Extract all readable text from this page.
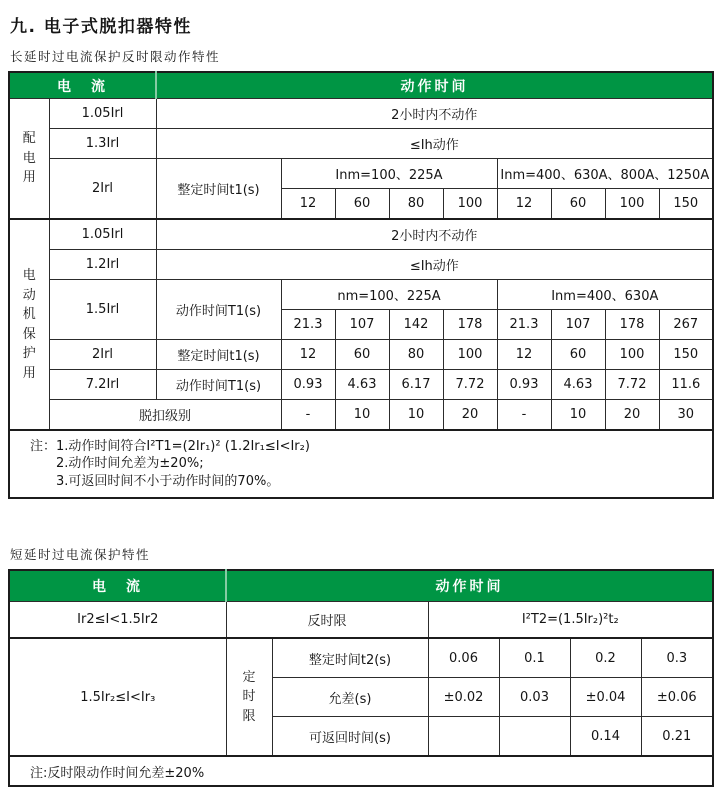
九. 电子式脱扣器特性
长延时过电流保护反时限动作特性
电　流		动作时间								
配电用	1.05Irl	2小时内不动作								
	1.3Irl	≤Ih动作								
	2Irl	整定时间t1(s)	Inm=100、225A				Inm=400、630A、800A、1250A			
			12	60	80	100	12	60	100	150
电动机保护用	1.05Irl	2小时内不动作								
	1.2Irl	≤Ih动作								
	1.5Irl	动作时间T1(s)	nm=100、225A				Inm=400、630A			
			21.3	107	142	178	21.3	107	178	267
	2Irl	整定时间t1(s)	12	60	80	100	12	60	100	150
	7.2Irl	动作时间T1(s)	0.93	4.63	6.17	7.72	0.93	4.63	7.72	11.6
	脱扣级别		-	10	10	20	-	10	20	30

注： 1.动作时间符合I²T1=(2Ir₁)² (1.2Ir₁≤I<Ir₂)
2.动作时间允差为±20%;
3.可返回时间不小于动作时间的70%。										
短延时过电流保护特性
电　流	动作时间					
Ir2≤I<1.5Ir2	反时限		I²T2=(1.5Ir₂)²t₂			
1.5Ir₂≤I<Ir₃	定时限	整定时间t2(s)	0.06	0.1	0.2	0.3
		允差(s)	±0.02	0.03	±0.04	±0.06
		可返回时间(s)			0.14	0.21
注:反时限动作时间允差±20%						
